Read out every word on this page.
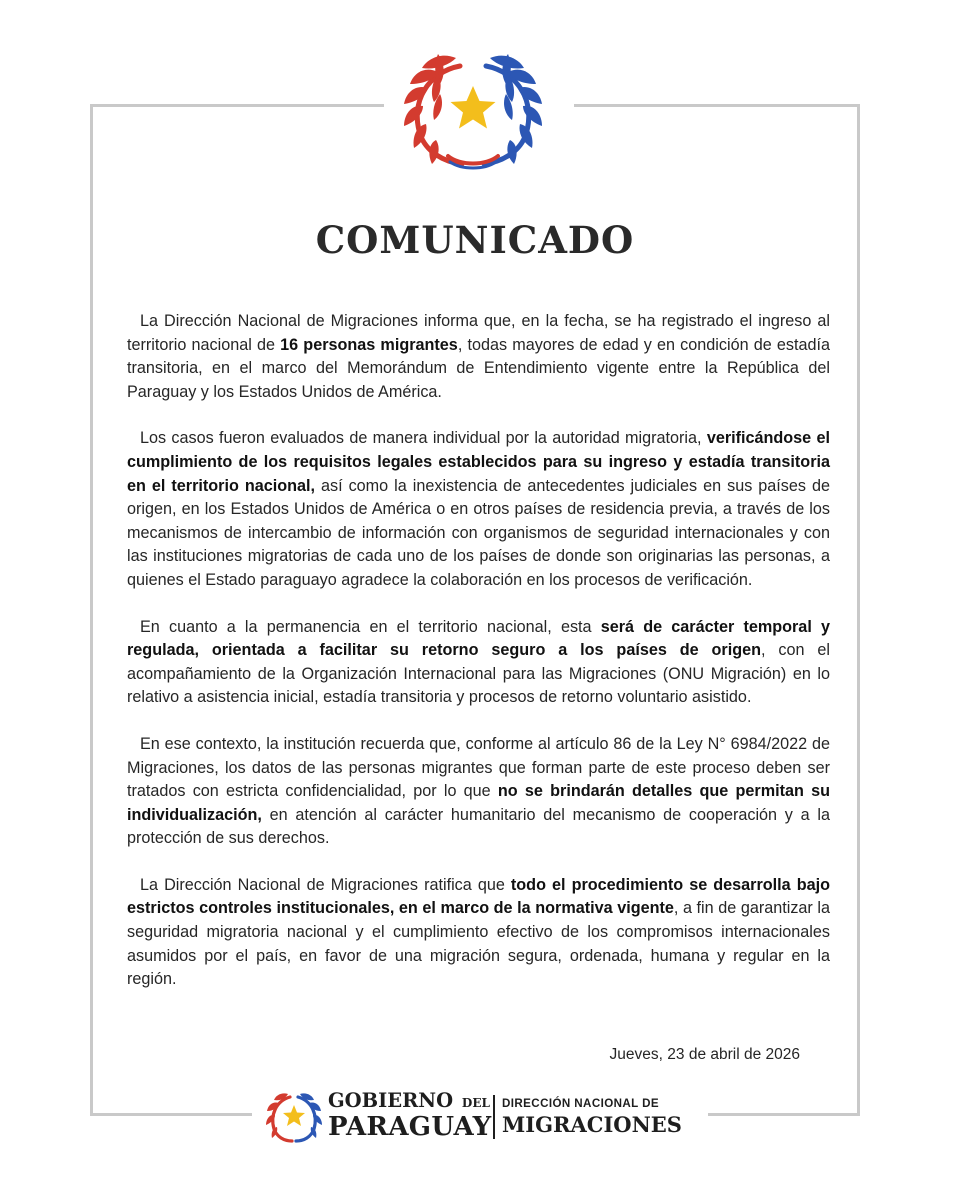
COMUNICADO

La Dirección Nacional de Migraciones informa que, en la fecha, se ha registrado el ingreso al territorio nacional de 16 personas migrantes, todas mayores de edad y en condición de estadía transitoria, en el marco del Memorándum de Entendimiento vigente entre la República del Paraguay y los Estados Unidos de América.

Los casos fueron evaluados de manera individual por la autoridad migratoria, verificándose el cumplimiento de los requisitos legales establecidos para su ingreso y estadía transitoria en el territorio nacional, así como la inexistencia de antecedentes judiciales en sus países de origen, en los Estados Unidos de América o en otros países de residencia previa, a través de los mecanismos de intercambio de información con organismos de seguridad internacionales y con las instituciones migratorias de cada uno de los países de donde son originarias las personas, a quienes el Estado paraguayo agradece la colaboración en los procesos de verificación.

En cuanto a la permanencia en el territorio nacional, esta será de carácter temporal y regulada, orientada a facilitar su retorno seguro a los países de origen, con el acompañamiento de la Organización Internacional para las Migraciones (ONU Migración) en lo relativo a asistencia inicial, estadía transitoria y procesos de retorno voluntario asistido.

En ese contexto, la institución recuerda que, conforme al artículo 86 de la Ley N° 6984/2022 de Migraciones, los datos de las personas migrantes que forman parte de este proceso deben ser tratados con estricta confidencialidad, por lo que no se brindarán detalles que permitan su individualización, en atención al carácter humanitario del mecanismo de cooperación y a la protección de sus derechos.

La Dirección Nacional de Migraciones ratifica que todo el procedimiento se desarrolla bajo estrictos controles institucionales, en el marco de la normativa vigente, a fin de garantizar la seguridad migratoria nacional y el cumplimiento efectivo de los compromisos internacionales asumidos por el país, en favor de una migración segura, ordenada, humana y regular en la región.

Jueves, 23 de abril de 2026
GOBIERNO DEL
PARAGUAY
DIRECCIÓN NACIONAL DE
MIGRACIONES
